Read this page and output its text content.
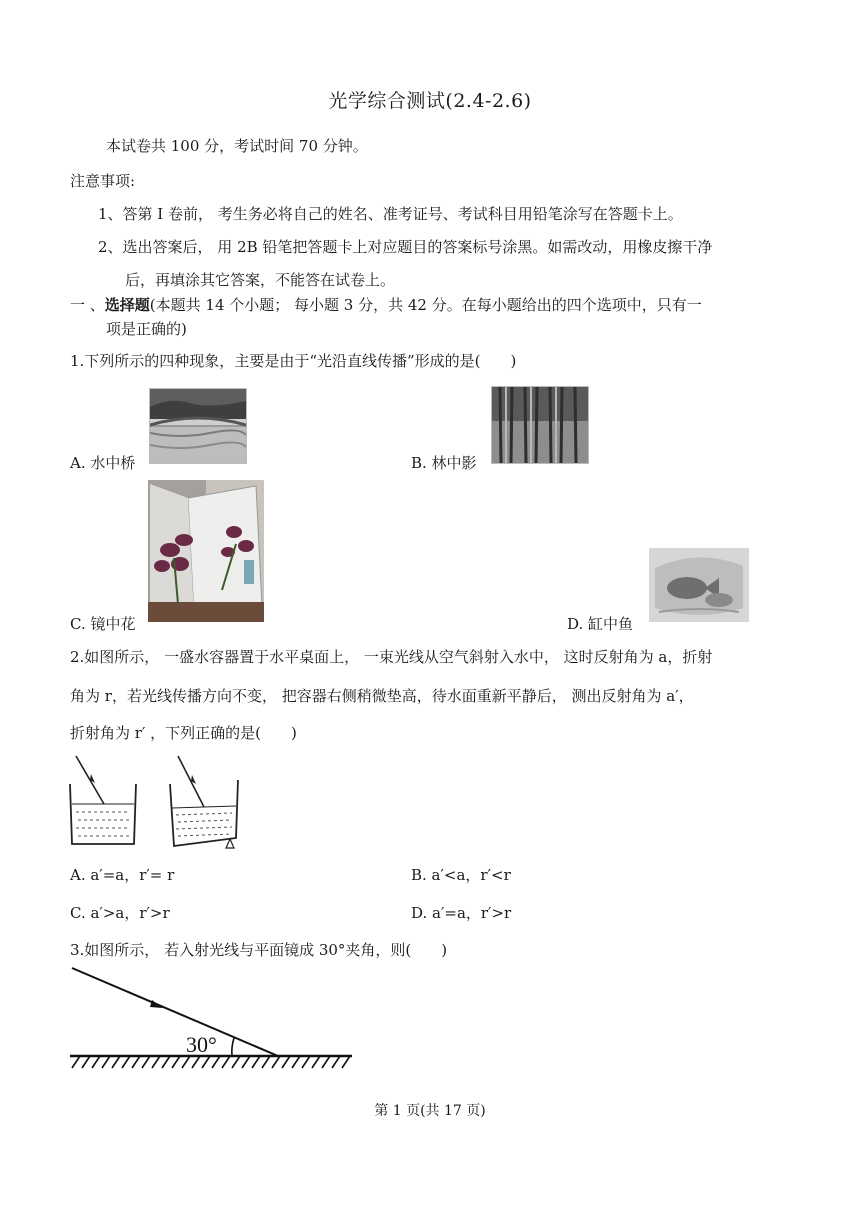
光学综合测试(2.4-2.6)
本试卷共 100 分，考试时间 70 分钟。
注意事项:
1、答第 I 卷前， 考生务必将自己的姓名、准考证号、考试科目用铅笔涂写在答题卡上。
2、选出答案后， 用 2B 铅笔把答题卡上对应题目的答案标号涂黑。如需改动，用橡皮擦干净
后，再填涂其它答案，不能答在试卷上。
一 、选择题(本题共 14 个小题； 每小题 3 分，共 42 分。在每小题给出的四个选项中，只有一
项是正确的)
1.下列所示的四种现象，主要是由于“光沿直线传播”形成的是(　　)
A. 水中桥	B. 林中影
C. 镜中花	D. 缸中鱼
2.如图所示， 一盛水容器置于水平桌面上， 一束光线从空气斜射入水中， 这时反射角为 a，折射
角为 r，若光线传播方向不变， 把容器右侧稍微垫高，待水面重新平静后， 测出反射角为 a′，
折射角为 r′ ，下列正确的是(　　)
A. a′=a，r′= r	B. a′<a，r′<r
C. a′>a，r′>r	D. a′=a，r′>r
3.如图所示， 若入射光线与平面镜成 30°夹角，则(　　)
30°
第 1 页(共 17 页)
